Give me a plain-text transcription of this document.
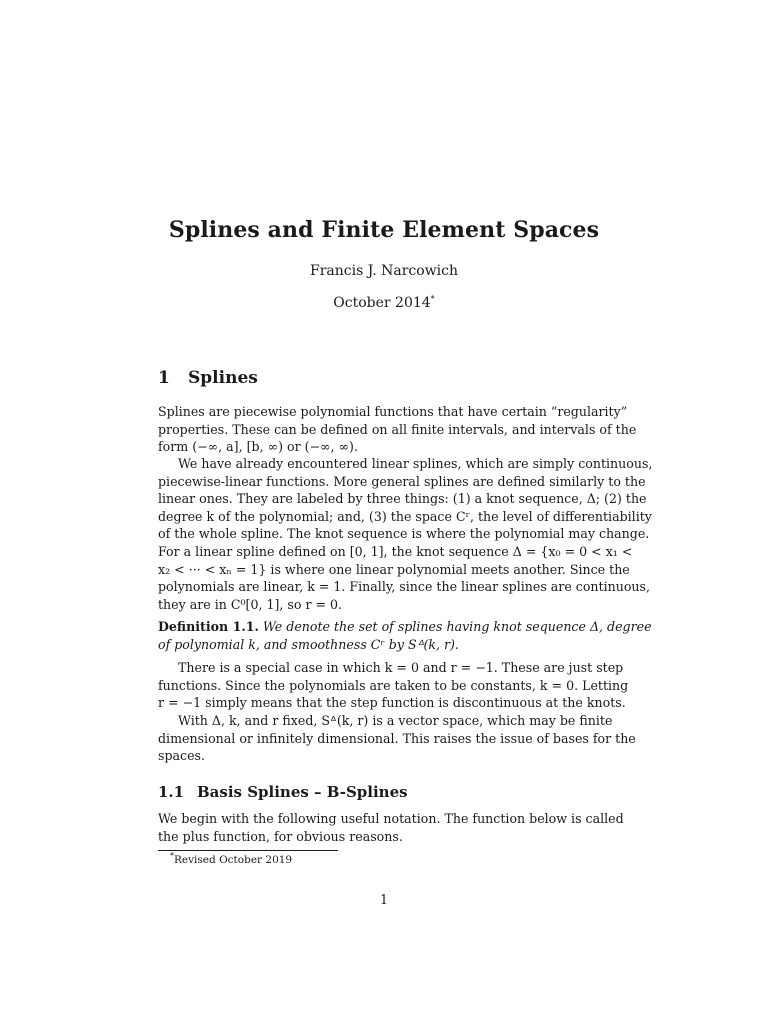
Splines and Finite Element Spaces
Francis J. Narcowich
October 2014*
1 Splines
Splines are piecewise polynomial functions that have certain “regularity”
properties. These can be defined on all finite intervals, and intervals of the
form (−∞, a], [b, ∞) or (−∞, ∞).
We have already encountered linear splines, which are simply continuous,
piecewise-linear functions. More general splines are defined similarly to the
linear ones. They are labeled by three things: (1) a knot sequence, Δ; (2) the
degree k of the polynomial; and, (3) the space Cʳ, the level of differentiability
of the whole spline. The knot sequence is where the polynomial may change.
For a linear spline defined on [0, 1], the knot sequence Δ = {x₀ = 0 < x₁ <
x₂ < ··· < xₙ = 1} is where one linear polynomial meets another. Since the
polynomials are linear, k = 1. Finally, since the linear splines are continuous,
they are in C⁰[0, 1], so r = 0.
Definition 1.1. We denote the set of splines having knot sequence Δ, degree
of polynomial k, and smoothness Cʳ by Sᐞ(k, r).
There is a special case in which k = 0 and r = −1. These are just step
functions. Since the polynomials are taken to be constants, k = 0. Letting
r = −1 simply means that the step function is discontinuous at the knots.
With Δ, k, and r fixed, Sᐞ(k, r) is a vector space, which may be finite
dimensional or infinitely dimensional. This raises the issue of bases for the
spaces.
1.1 Basis Splines – B-Splines
We begin with the following useful notation. The function below is called
the plus function, for obvious reasons.
*Revised October 2019
1
